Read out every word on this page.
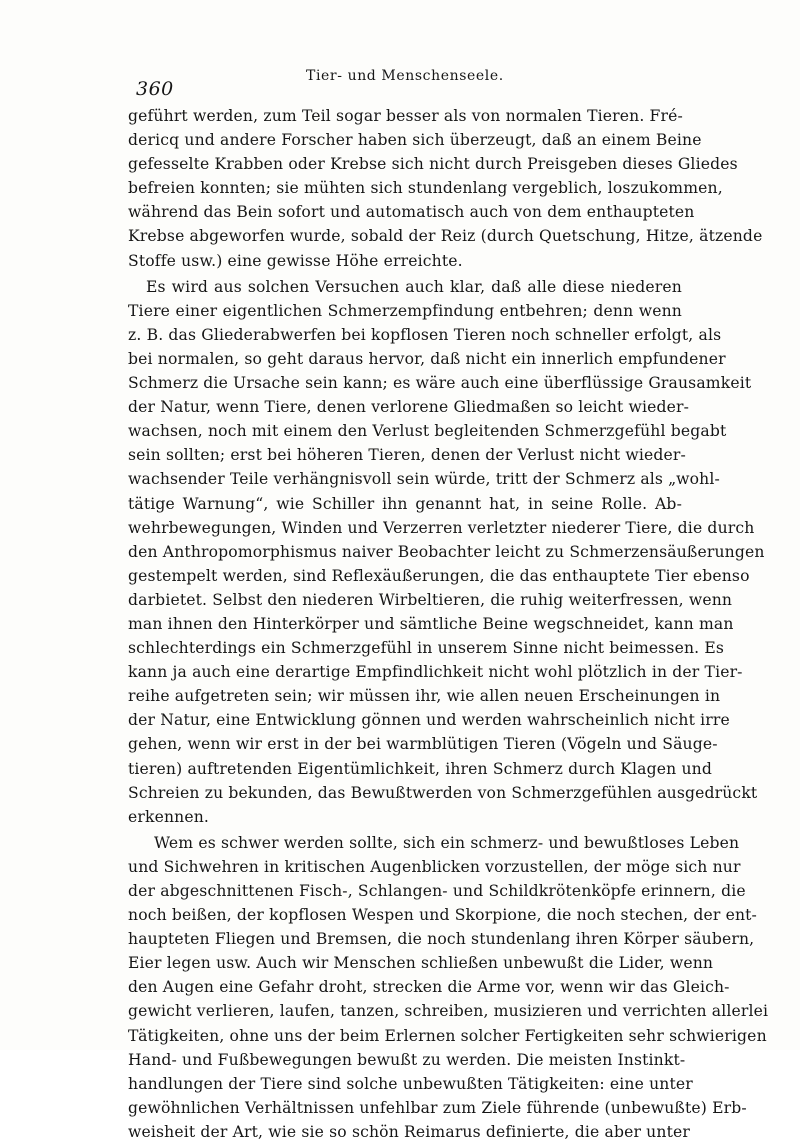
360
Tier- und Menschenseele.
geführt werden, zum Teil sogar besser als von normalen Tieren. Fré-
dericq und andere Forscher haben sich überzeugt, daß an einem Beine
gefesselte Krabben oder Krebse sich nicht durch Preisgeben dieses Gliedes
befreien konnten; sie mühten sich stundenlang vergeblich, loszukommen,
während das Bein sofort und automatisch auch von dem enthaupteten
Krebse abgeworfen wurde, sobald der Reiz (durch Quetschung, Hitze, ätzende
Stoffe usw.) eine gewisse Höhe erreichte.
Es wird aus solchen Versuchen auch klar, daß alle diese niederen
Tiere einer eigentlichen Schmerzempfindung entbehren; denn wenn
z. B. das Gliederabwerfen bei kopflosen Tieren noch schneller erfolgt, als
bei normalen, so geht daraus hervor, daß nicht ein innerlich empfundener
Schmerz die Ursache sein kann; es wäre auch eine überflüssige Grausamkeit
der Natur, wenn Tiere, denen verlorene Gliedmaßen so leicht wieder-
wachsen, noch mit einem den Verlust begleitenden Schmerzgefühl begabt
sein sollten; erst bei höheren Tieren, denen der Verlust nicht wieder-
wachsender Teile verhängnisvoll sein würde, tritt der Schmerz als „wohl-
tätige Warnung“, wie Schiller ihn genannt hat, in seine Rolle. Ab-
wehrbewegungen, Winden und Verzerren verletzter niederer Tiere, die durch
den Anthropomorphismus naiver Beobachter leicht zu Schmerzensäußerungen
gestempelt werden, sind Reflexäußerungen, die das enthauptete Tier ebenso
darbietet. Selbst den niederen Wirbeltieren, die ruhig weiterfressen, wenn
man ihnen den Hinterkörper und sämtliche Beine wegschneidet, kann man
schlechterdings ein Schmerzgefühl in unserem Sinne nicht beimessen. Es
kann ja auch eine derartige Empfindlichkeit nicht wohl plötzlich in der Tier-
reihe aufgetreten sein; wir müssen ihr, wie allen neuen Erscheinungen in
der Natur, eine Entwicklung gönnen und werden wahrscheinlich nicht irre
gehen, wenn wir erst in der bei warmblütigen Tieren (Vögeln und Säuge-
tieren) auftretenden Eigentümlichkeit, ihren Schmerz durch Klagen und
Schreien zu bekunden, das Bewußtwerden von Schmerzgefühlen ausgedrückt
erkennen.
Wem es schwer werden sollte, sich ein schmerz- und bewußtloses Leben
und Sichwehren in kritischen Augenblicken vorzustellen, der möge sich nur
der abgeschnittenen Fisch-, Schlangen- und Schildkrötenköpfe erinnern, die
noch beißen, der kopflosen Wespen und Skorpione, die noch stechen, der ent-
haupteten Fliegen und Bremsen, die noch stundenlang ihren Körper säubern,
Eier legen usw. Auch wir Menschen schließen unbewußt die Lider, wenn
den Augen eine Gefahr droht, strecken die Arme vor, wenn wir das Gleich-
gewicht verlieren, laufen, tanzen, schreiben, musizieren und verrichten allerlei
Tätigkeiten, ohne uns der beim Erlernen solcher Fertigkeiten sehr schwierigen
Hand- und Fußbewegungen bewußt zu werden. Die meisten Instinkt-
handlungen der Tiere sind solche unbewußten Tätigkeiten: eine unter
gewöhnlichen Verhältnissen unfehlbar zum Ziele führende (unbewußte) Erb-
weisheit der Art, wie sie so schön Reimarus definierte, die aber unter
